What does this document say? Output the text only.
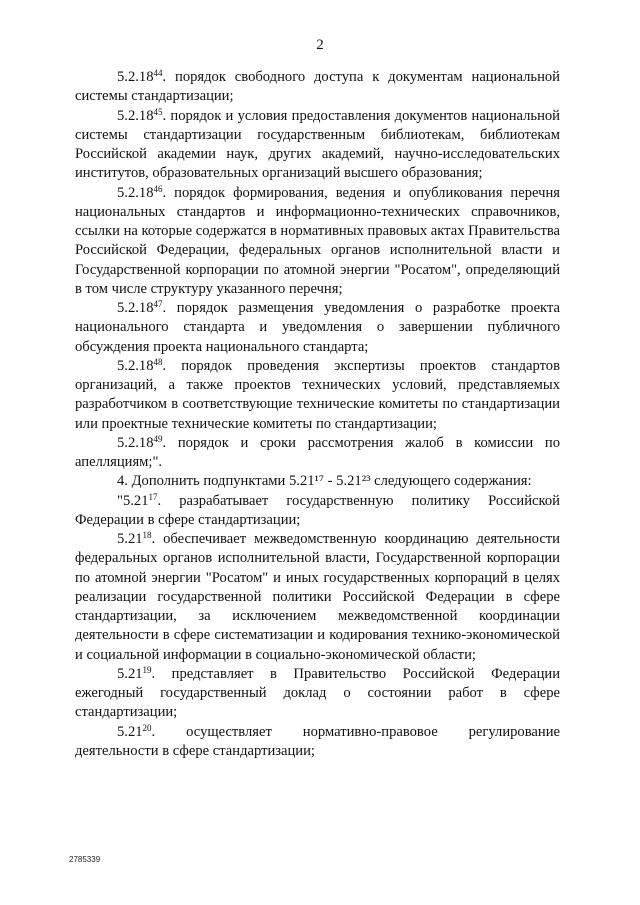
2

5.2.18$^{44}$. порядок свободного доступа к документам национальной системы стандартизации;

5.2.18$^{45}$. порядок и условия предоставления документов национальной системы стандартизации государственным библиотекам, библиотекам Российской академии наук, других академий, научно-исследовательских институтов, образовательных организаций высшего образования;

5.2.18$^{46}$. порядок формирования, ведения и опубликования перечня национальных стандартов и информационно-технических справочников, ссылки на которые содержатся в нормативных правовых актах Правительства Российской Федерации, федеральных органов исполнительной власти и Государственной корпорации по атомной энергии "Росатом", определяющий в том числе структуру указанного перечня;

5.2.18$^{47}$. порядок размещения уведомления о разработке проекта национального стандарта и уведомления о завершении публичного обсуждения проекта национального стандарта;

5.2.18$^{48}$. порядок проведения экспертизы проектов стандартов организаций, а также проектов технических условий, представляемых разработчиком в соответствующие технические комитеты по стандартизации или проектные технические комитеты по стандартизации;

5.2.18$^{49}$. порядок и сроки рассмотрения жалоб в комиссии по апелляциям;".

4. Дополнить подпунктами 5.21¹⁷ - 5.21²³ следующего содержания:

"5.21$^{17}$. разрабатывает государственную политику Российской Федерации в сфере стандартизации;

5.21$^{18}$. обеспечивает межведомственную координацию деятельности федеральных органов исполнительной власти, Государственной корпорации по атомной энергии "Росатом" и иных государственных корпораций в целях реализации государственной политики Российской Федерации в сфере стандартизации, за исключением межведомственной координации деятельности в сфере систематизации и кодирования технико-экономической и социальной информации в социально-экономической области;

5.21$^{19}$. представляет в Правительство Российской Федерации ежегодный государственный доклад о состоянии работ в сфере стандартизации;

5.21$^{20}$. осуществляет нормативно-правовое регулирование деятельности в сфере стандартизации;

2785339
